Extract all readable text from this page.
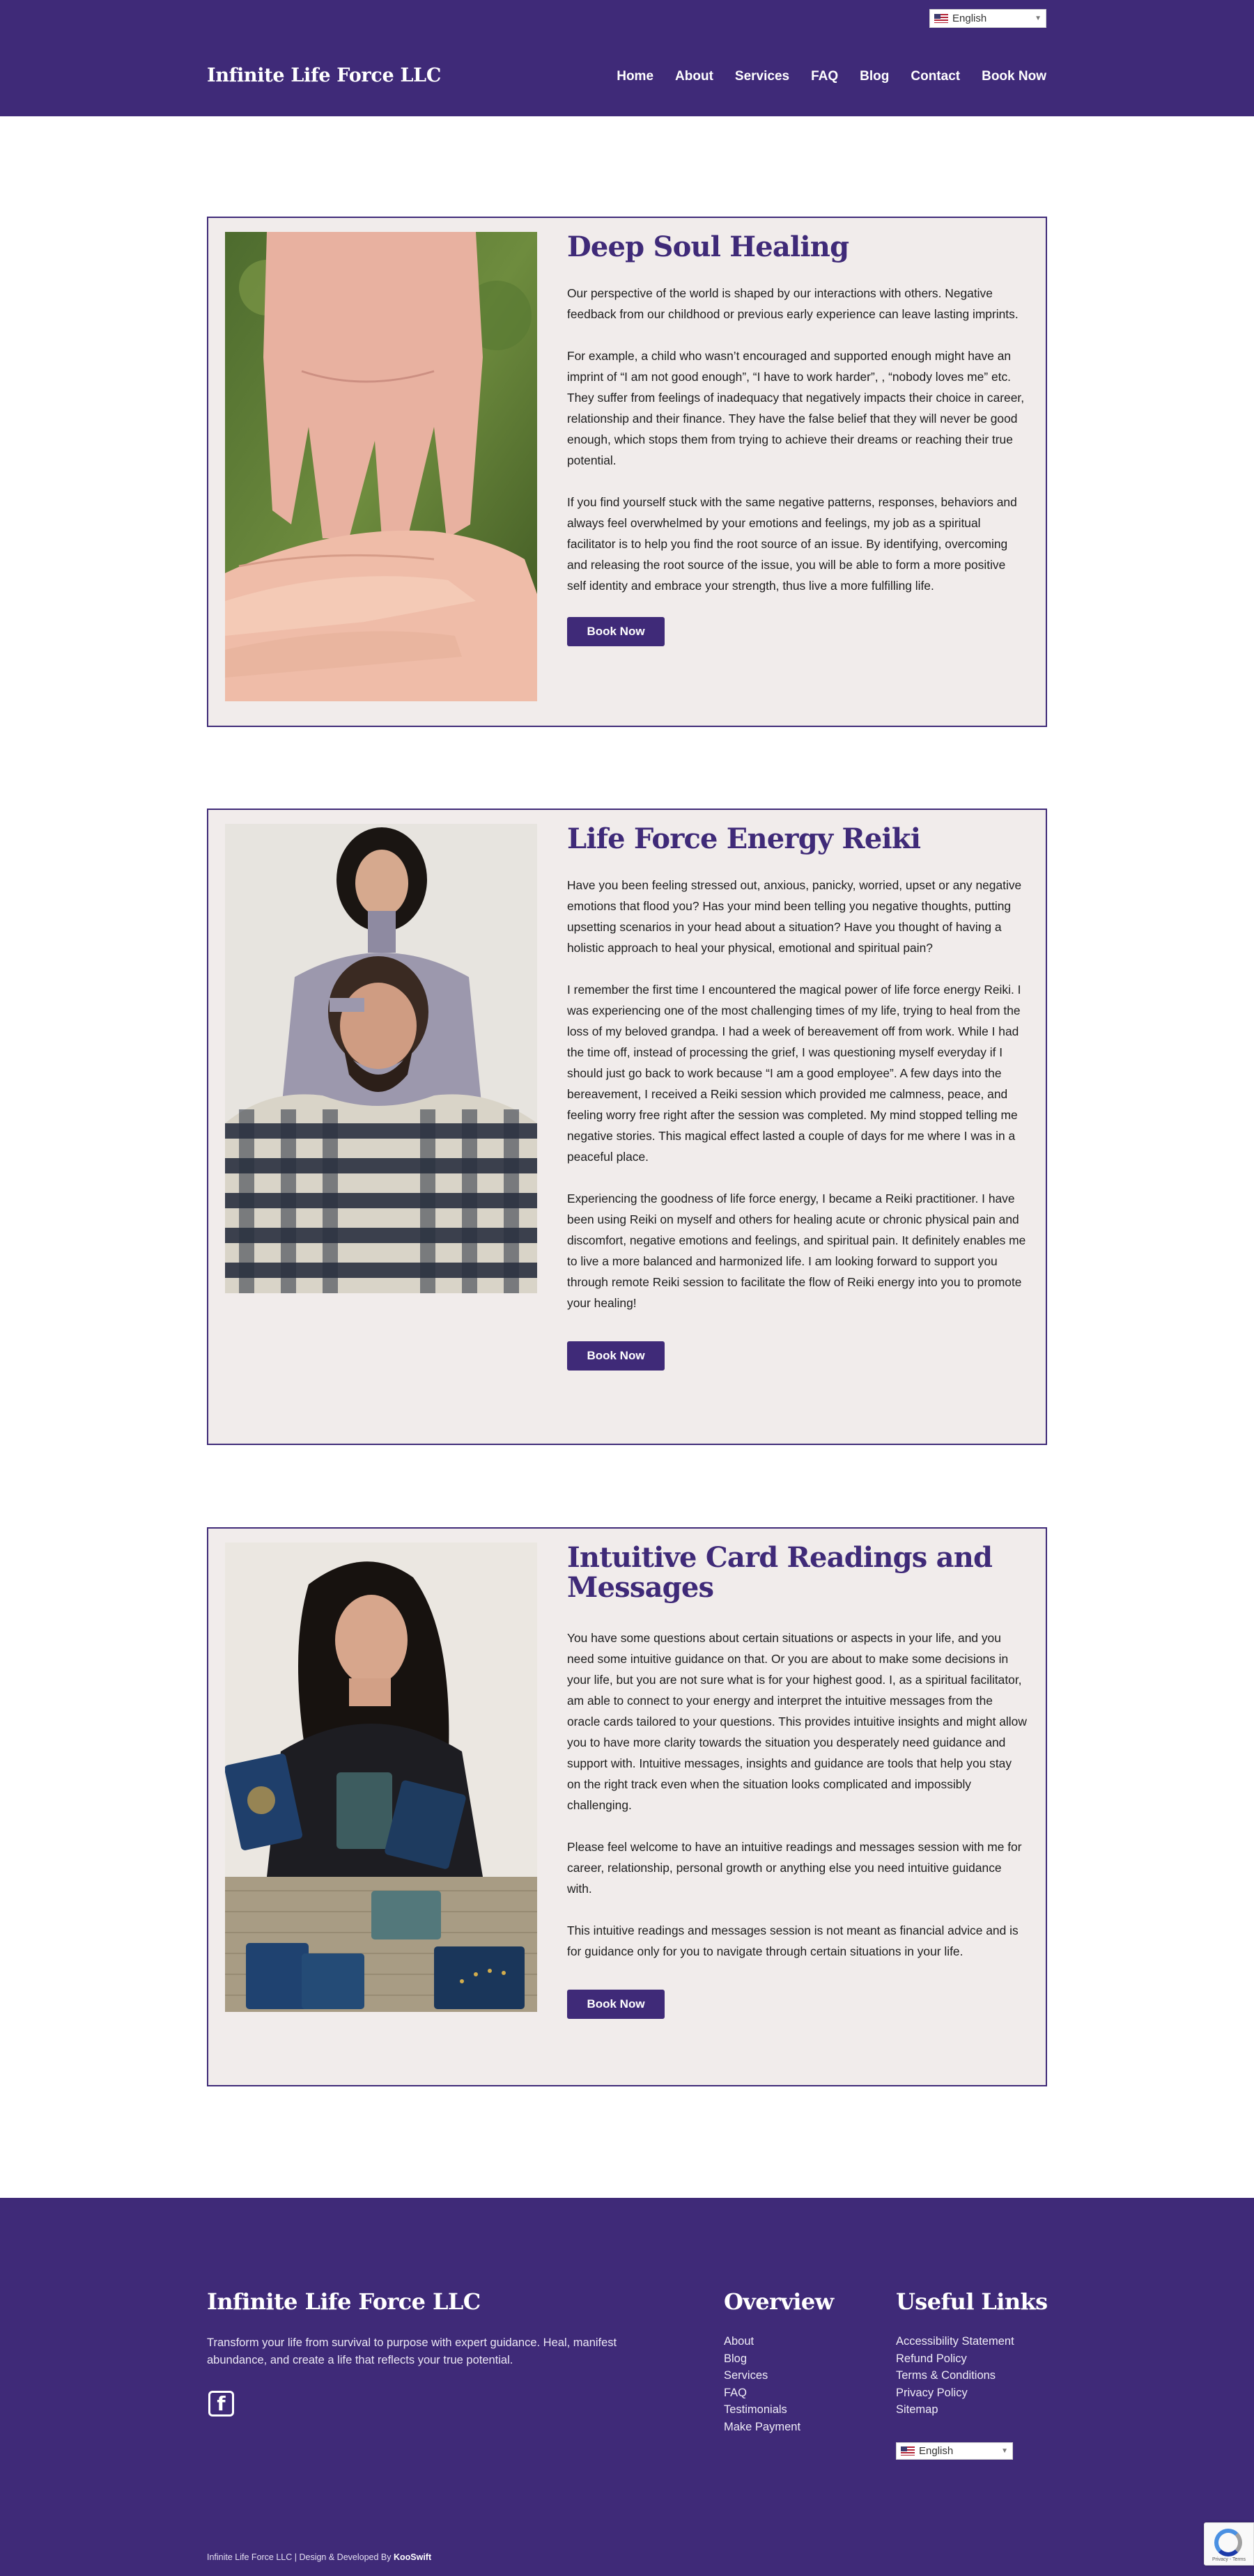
English	▼
Infinite Life Force LLC	Home About Services FAQ Blog Contact Book Now
Deep Soul Healing

Our perspective of the world is shaped by our interactions with others. Negative feedback from our childhood or previous early experience can leave lasting imprints.

For example, a child who wasn’t encouraged and supported enough might have an imprint of “I am not good enough”, “I have to work harder”, , “nobody loves me” etc. They suffer from feelings of inadequacy that negatively impacts their choice in career, relationship and their finance. They have the false belief that they will never be good enough, which stops them from trying to achieve their dreams or reaching their true potential.

If you find yourself stuck with the same negative patterns, responses, behaviors and always feel overwhelmed by your emotions and feelings, my job as a spiritual facilitator is to help you find the root source of an issue. By identifying, overcoming and releasing the root source of the issue, you will be able to form a more positive self identity and embrace your strength, thus live a more fulfilling life.

Book Now
Life Force Energy Reiki

Have you been feeling stressed out, anxious, panicky, worried, upset or any negative emotions that flood you? Has your mind been telling you negative thoughts, putting upsetting scenarios in your head about a situation? Have you thought of having a holistic approach to heal your physical, emotional and spiritual pain?

I remember the first time I encountered the magical power of life force energy Reiki. I was experiencing one of the most challenging times of my life, trying to heal from the loss of my beloved grandpa. I had a week of bereavement off from work. While I had the time off, instead of processing the grief, I was questioning myself everyday if I should just go back to work because “I am a good employee”. A few days into the bereavement, I received a Reiki session which provided me calmness, peace, and feeling worry free right after the session was completed. My mind stopped telling me negative stories. This magical effect lasted a couple of days for me where I was in a peaceful place.

Experiencing the goodness of life force energy, I became a Reiki practitioner. I have been using Reiki on myself and others for healing acute or chronic physical pain and discomfort, negative emotions and feelings, and spiritual pain. It definitely enables me to live a more balanced and harmonized life. I am looking forward to support you through remote Reiki session to facilitate the flow of Reiki energy into you to promote your healing!

Book Now
Intuitive Card Readings and Messages

You have some questions about certain situations or aspects in your life, and you need some intuitive guidance on that. Or you are about to make some decisions in your life, but you are not sure what is for your highest good. I, as a spiritual facilitator, am able to connect to your energy and interpret the intuitive messages from the oracle cards tailored to your questions. This provides intuitive insights and might allow you to have more clarity towards the situation you desperately need guidance and support with. Intuitive messages, insights and guidance are tools that help you stay on the right track even when the situation looks complicated and impossibly challenging.

Please feel welcome to have an intuitive readings and messages session with me for career, relationship, personal growth or anything else you need intuitive guidance with.

This intuitive readings and messages session is not meant as financial advice and is for guidance only for you to navigate through certain situations in your life.

Book Now
Infinite Life Force LLC

Transform your life from survival to purpose with expert guidance. Heal, manifest abundance, and create a life that reflects your true potential.

f
Overview
About
Blog
Services
FAQ
Testimonials
Make Payment
Useful Links
Accessibility Statement
Refund Policy
Terms & Conditions
Privacy Policy
Sitemap
English	▼
Infinite Life Force LLC | Design & Developed By KooSwift	Privacy - Terms
